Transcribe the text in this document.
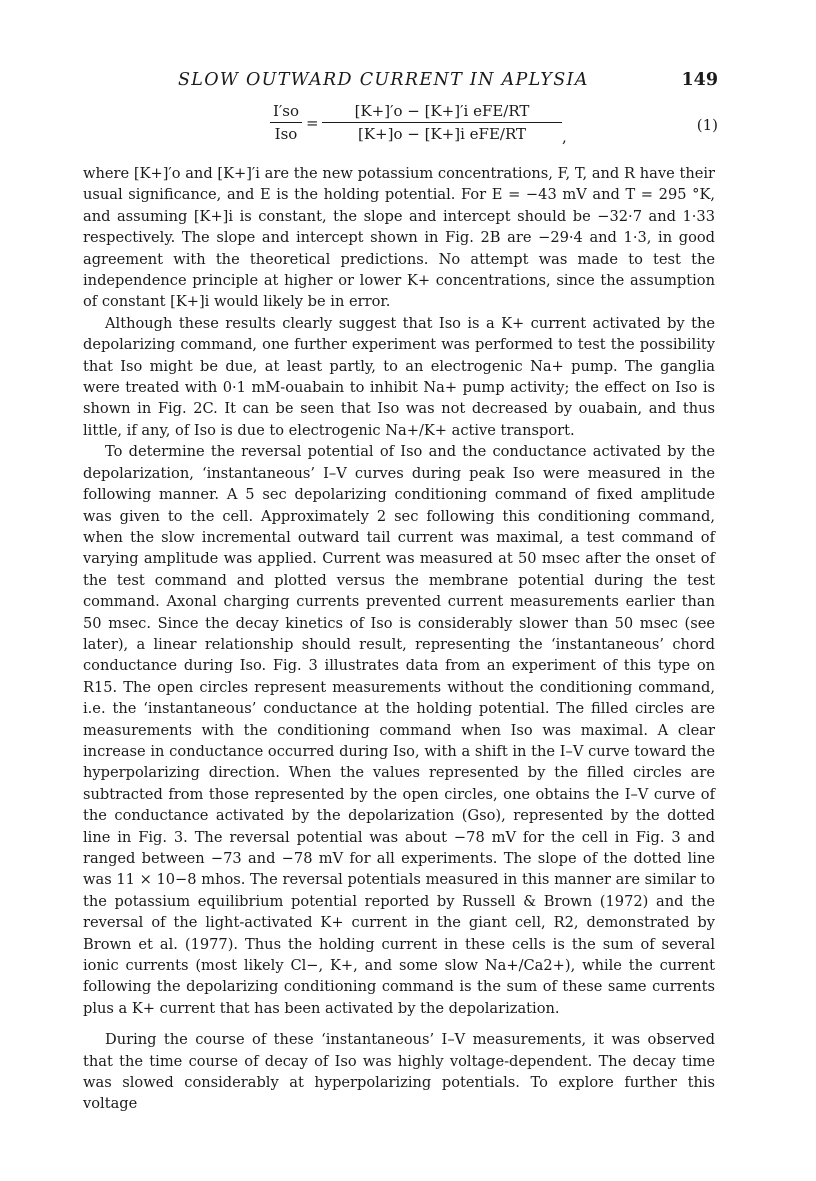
SLOW OUTWARD CURRENT IN APLYSIA	149
I′so
Iso
=
[K+]′o − [K+]′i eFE/RT
[K+]o − [K+]i eFE/RT	,
(1)

where [K+]′o and [K+]′i are the new potassium concentrations, F, T, and R have their usual significance, and E is the holding potential. For E = −43 mV and T = 295 °K, and assuming [K+]i is constant, the slope and intercept should be −32·7 and 1·33 respectively. The slope and intercept shown in Fig. 2B are −29·4 and 1·3, in good agreement with the theoretical predictions. No attempt was made to test the independence principle at higher or lower K+ concentrations, since the assumption of constant [K+]i would likely be in error.

Although these results clearly suggest that Iso is a K+ current activated by the depolarizing command, one further experiment was performed to test the possibility that Iso might be due, at least partly, to an electrogenic Na+ pump. The ganglia were treated with 0·1 mM-ouabain to inhibit Na+ pump activity; the effect on Iso is shown in Fig. 2C. It can be seen that Iso was not decreased by ouabain, and thus little, if any, of Iso is due to electrogenic Na+/K+ active transport.

To determine the reversal potential of Iso and the conductance activated by the depolarization, ‘instantaneous’ I–V curves during peak Iso were measured in the following manner. A 5 sec depolarizing conditioning command of fixed amplitude was given to the cell. Approximately 2 sec following this conditioning command, when the slow incremental outward tail current was maximal, a test command of varying amplitude was applied. Current was measured at 50 msec after the onset of the test command and plotted versus the membrane potential during the test command. Axonal charging currents prevented current measurements earlier than 50 msec. Since the decay kinetics of Iso is considerably slower than 50 msec (see later), a linear relationship should result, representing the ‘instantaneous’ chord conductance during Iso. Fig. 3 illustrates data from an experiment of this type on R15. The open circles represent measurements without the conditioning command, i.e. the ‘instantaneous’ conductance at the holding potential. The filled circles are measurements with the conditioning command when Iso was maximal. A clear increase in conductance occurred during Iso, with a shift in the I–V curve toward the hyperpolarizing direction. When the values represented by the filled circles are subtracted from those represented by the open circles, one obtains the I–V curve of the conductance activated by the depolarization (Gso), represented by the dotted line in Fig. 3. The reversal potential was about −78 mV for the cell in Fig. 3 and ranged between −73 and −78 mV for all experiments. The slope of the dotted line was 11 × 10−8 mhos. The reversal potentials measured in this manner are similar to the potassium equilibrium potential reported by Russell & Brown (1972) and the reversal of the light-activated K+ current in the giant cell, R2, demonstrated by Brown et al. (1977). Thus the holding current in these cells is the sum of several ionic currents (most likely Cl−, K+, and some slow Na+/Ca2+), while the current following the depolarizing conditioning command is the sum of these same currents plus a K+ current that has been activated by the depolarization.

During the course of these ‘instantaneous’ I–V measurements, it was observed that the time course of decay of Iso was highly voltage-dependent. The decay time was slowed considerably at hyperpolarizing potentials. To explore further this voltage
